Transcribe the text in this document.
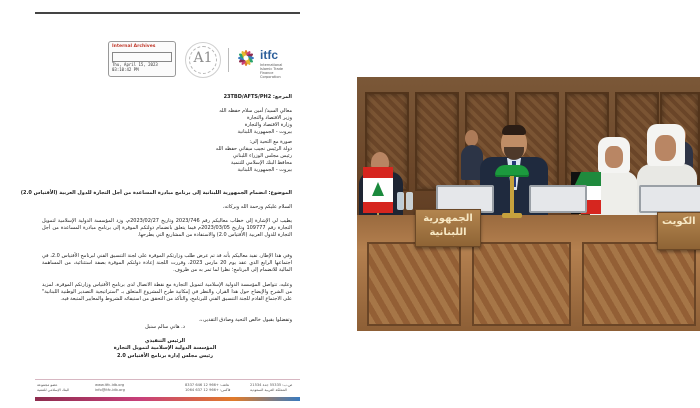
Internal Archives
Thu, April 15, 2023
03:10:42 PM
A1	itfc
International Islamic Trade Finance Corporation
23TBD/AFTS/PH2 :المرجع
معالي السيد/ أمين سلام حفظه الله
وزير الاقتصاد والتجارة
وزارة الاقتصاد والتجارة
بيروت - الجمهورية اللبنانية
صورة مع التحية إلى:
دولة الرئيس نجيب ميقاتي حفظه الله
رئيس مجلس الوزراء اللبناني
محافظ البنك الإسلامي للتنمية
بيروت - الجمهورية اللبنانية
الموضوع: انضمام الجمهورية اللبنانية إلى برنامج مبادرة المساعدة من أجل التجارة للدول العربية (الأفتياس 2.0)
السلام عليكم ورحمة الله وبركاته،
يطيب لي الإشارة إلى خطاب معاليكم رقم 2023/746 وتاريخ 2023/02/27م، وزد المؤسسة الدولية الإسلامية لتمويل التجارة رقم 109777 وتاريخ 2023/03/05م فيما يتعلق بانضمام دولتكم الموقرة إلى برنامج مبادرة المساعدة من أجل التجارة للدول العربية (الأفتياس 2.0) والاستفادة من المشاريع التي يطرحها.
وفي هذا الإطار، نفيد معاليكم بأنه قد تم عرض طلب وزارتكم الموقرة على لجنة التنسيق الفني لبرنامج الأفتياس 2.0، في اجتماعها الرابع الذي عقد يوم 20 مارس 2023، وقررت اللجنة إعادة دولتكم الموقرة بصفة استثنائية، من المساهمة المالية للانضمام إلى البرنامج؛ نظرا لما تمر به من ظروف.
وعليه، تتواصل المؤسسة الدولية الإسلامية لتمويل التجارة مع نقطة الاتصال لدى برنامج الأفتياس وزارتكم الموقرة، لمزيد من الشرح والإيضاح حول هذا القرار، والنظر في إمكانية طرح المشروع المتعلق بـ "استراتيجية التصدير الوطنية اللبنانية" على الاجتماع القادم للجنة التنسيق الفني للبرنامج، والتأكد من التحقق من استيفائه للشروط والمعايير المتبعة فيه.
وتفضلوا بقبول خالص التحية وصادق التقدير،،،
د. هاني سالم سنبل
الرئيس التنفيذي
المؤسسة الدولية الإسلامية لتمويل التجارة
رئيس مجلس إدارة برنامج الأفتياس 2.0
عضو مجموعة
البنك الإسلامي للتنمية
www.itfc-idb.org
info@itfc-idb.org
هاتف: +966 12 646 8337
فاكس: +966 12 637 1064
ص.ب: 55335 جدة 21534
المملكة العربية السعودية
الجمهورية
اللبنانية
الكويت
